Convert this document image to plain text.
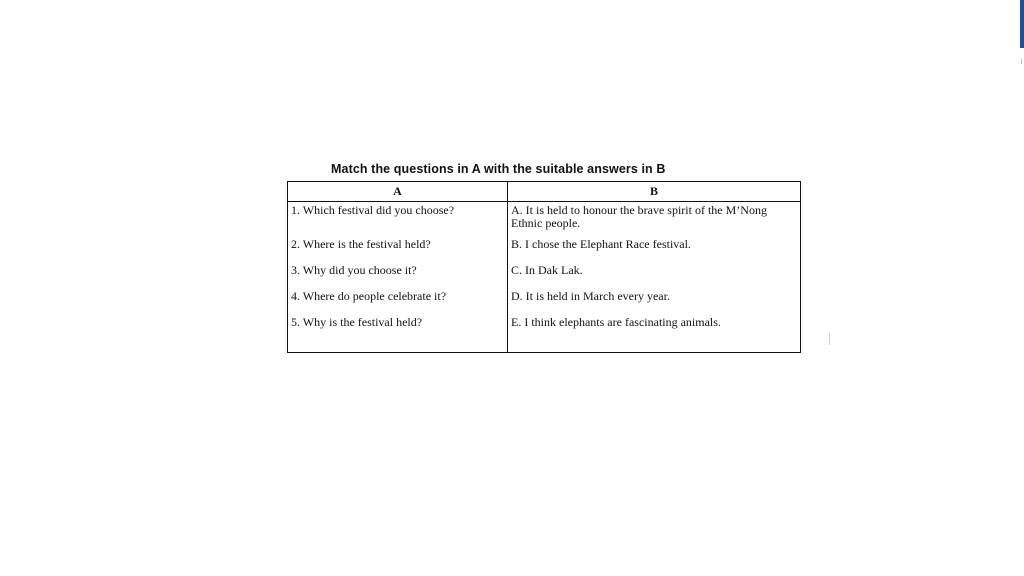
Match the questions in A with the suitable answers in B
A	B
1. Which festival did you choose?	A. It is held to honour the brave spirit of the M’Nong Ethnic people.
2. Where is the festival held?	B. I chose the Elephant Race festival.
3. Why did you choose it?	C. In Dak Lak.
4. Where do people celebrate it?	D. It is held in March every year.
5. Why is the festival held?	E. I think elephants are fascinating animals.
